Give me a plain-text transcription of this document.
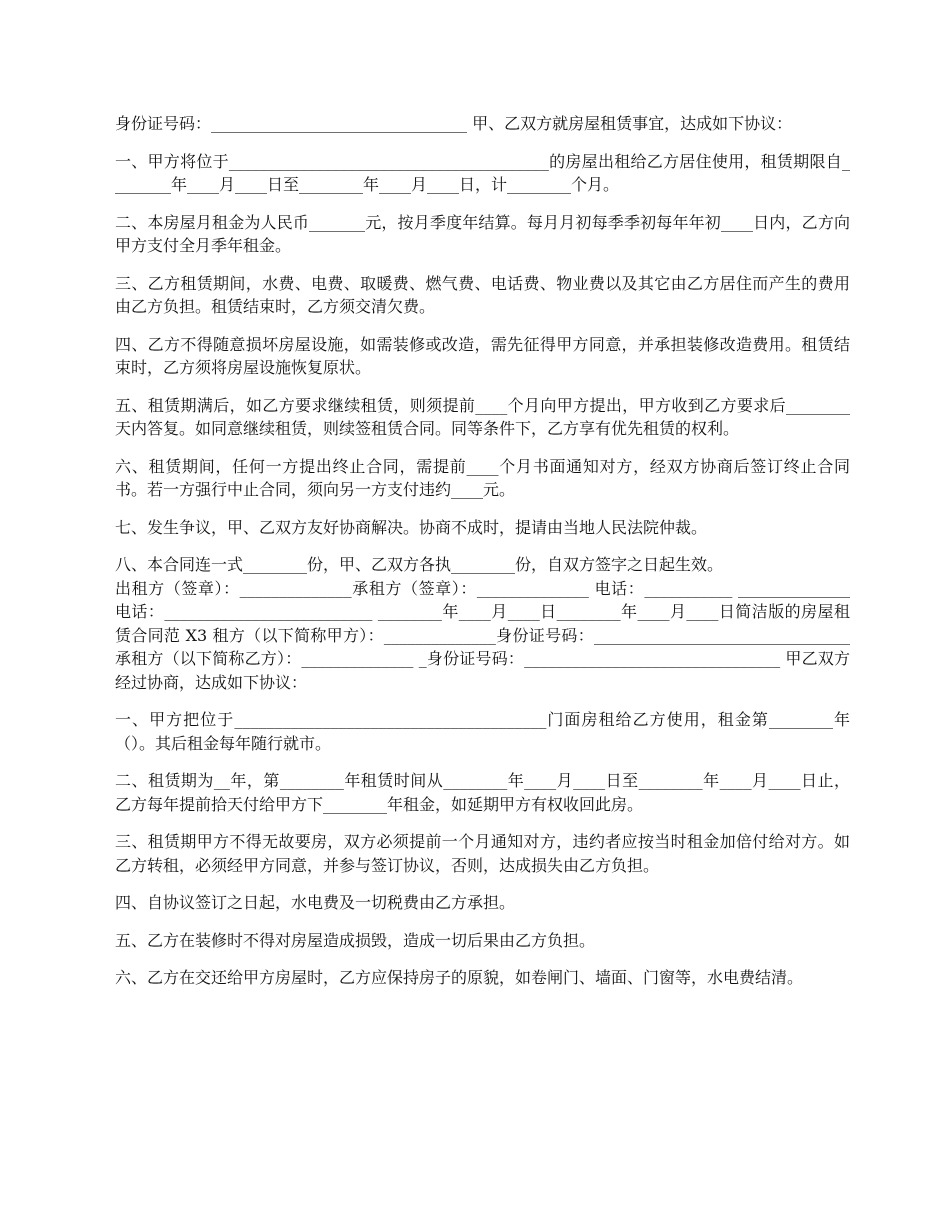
身份证号码：________________________________ 甲、乙双方就房屋租赁事宜，达成如下协议：

一、甲方将位于________________________________________的房屋出租给乙方居住使用，租赁期限自________年____月____日至________年____月____日，计________个月。

二、本房屋月租金为人民币_______元，按月季度年结算。每月月初每季季初每年年初____日内，乙方向甲方支付全月季年租金。

三、乙方租赁期间，水费、电费、取暖费、燃气费、电话费、物业费以及其它由乙方居住而产生的费用由乙方负担。租赁结束时，乙方须交清欠费。

四、乙方不得随意损坏房屋设施，如需装修或改造，需先征得甲方同意，并承担装修改造费用。租赁结束时，乙方须将房屋设施恢复原状。

五、租赁期满后，如乙方要求继续租赁，则须提前____个月向甲方提出，甲方收到乙方要求后________天内答复。如同意继续租赁，则续签租赁合同。同等条件下，乙方享有优先租赁的权利。

六、租赁期间，任何一方提出终止合同，需提前____个月书面通知对方，经双方协商后签订终止合同书。若一方强行中止合同，须向另一方支付违约____元。

七、发生争议，甲、乙双方友好协商解决。协商不成时，提请由当地人民法院仲裁。

八、本合同连一式________份，甲、乙双方各执________份，自双方签字之日起生效。

出租方（签章）：______________承租方（签章）：______________ 电话：___________ ______________电话：__________________________ ________年____月____日________年____月____日简洁版的房屋租赁合同范 X3 租方（以下简称甲方）：______________身份证号码：________________________________ 承租方（以下简称乙方）：______________ _身份证号码：________________________________ 甲乙双方经过协商，达成如下协议：

一、甲方把位于_______________________________________门面房租给乙方使用，租金第________年（）。其后租金每年随行就市。

二、租赁期为__年，第________年租赁时间从________年____月____日至________年____月____日止，乙方每年提前拾天付给甲方下________年租金，如延期甲方有权收回此房。

三、租赁期甲方不得无故要房，双方必须提前一个月通知对方，违约者应按当时租金加倍付给对方。如乙方转租，必须经甲方同意，并参与签订协议，否则，达成损失由乙方负担。

四、自协议签订之日起，水电费及一切税费由乙方承担。

五、乙方在装修时不得对房屋造成损毁，造成一切后果由乙方负担。

六、乙方在交还给甲方房屋时，乙方应保持房子的原貌，如卷闸门、墙面、门窗等，水电费结清。
